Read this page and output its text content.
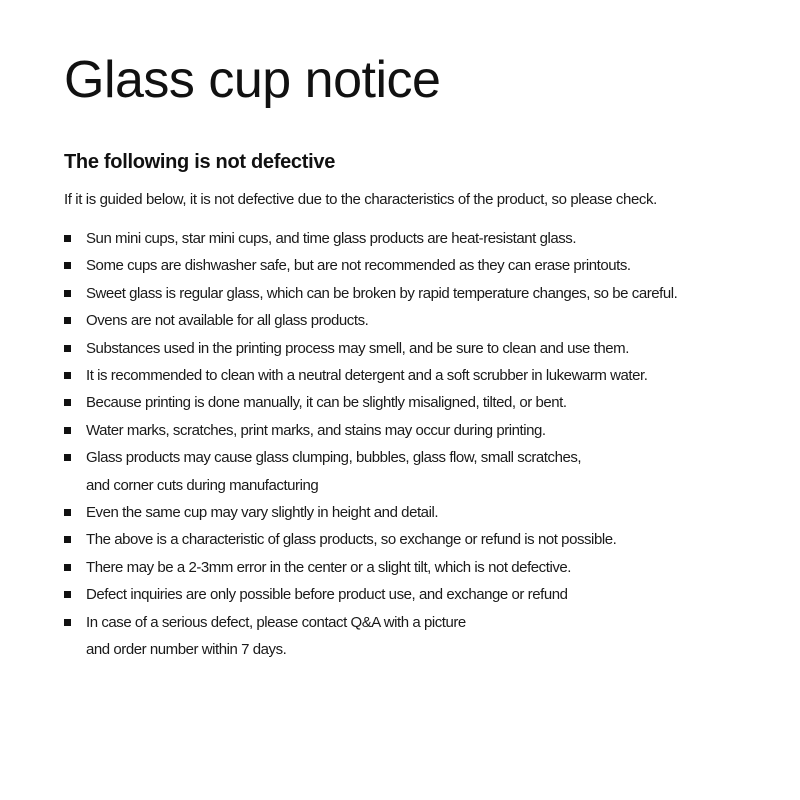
Glass cup notice
The following is not defective

If it is guided below, it is not defective due to the characteristics of the product, so please check.

Sun mini cups, star mini cups, and time glass products are heat-resistant glass.
Some cups are dishwasher safe, but are not recommended as they can erase printouts.
Sweet glass is regular glass, which can be broken by rapid temperature changes, so be careful.
Ovens are not available for all glass products.
Substances used in the printing process may smell, and be sure to clean and use them.
It is recommended to clean with a neutral detergent and a soft scrubber in lukewarm water.
Because printing is done manually, it can be slightly misaligned, tilted, or bent.
Water marks, scratches, print marks, and stains may occur during printing.
Glass products may cause glass clumping, bubbles, glass flow, small scratches,
and corner cuts during manufacturing
Even the same cup may vary slightly in height and detail.
The above is a characteristic of glass products, so exchange or refund is not possible.
There may be a 2-3mm error in the center or a slight tilt, which is not defective.
Defect inquiries are only possible before product use, and exchange or refund
In case of a serious defect, please contact Q&A with a picture
and order number within 7 days.
